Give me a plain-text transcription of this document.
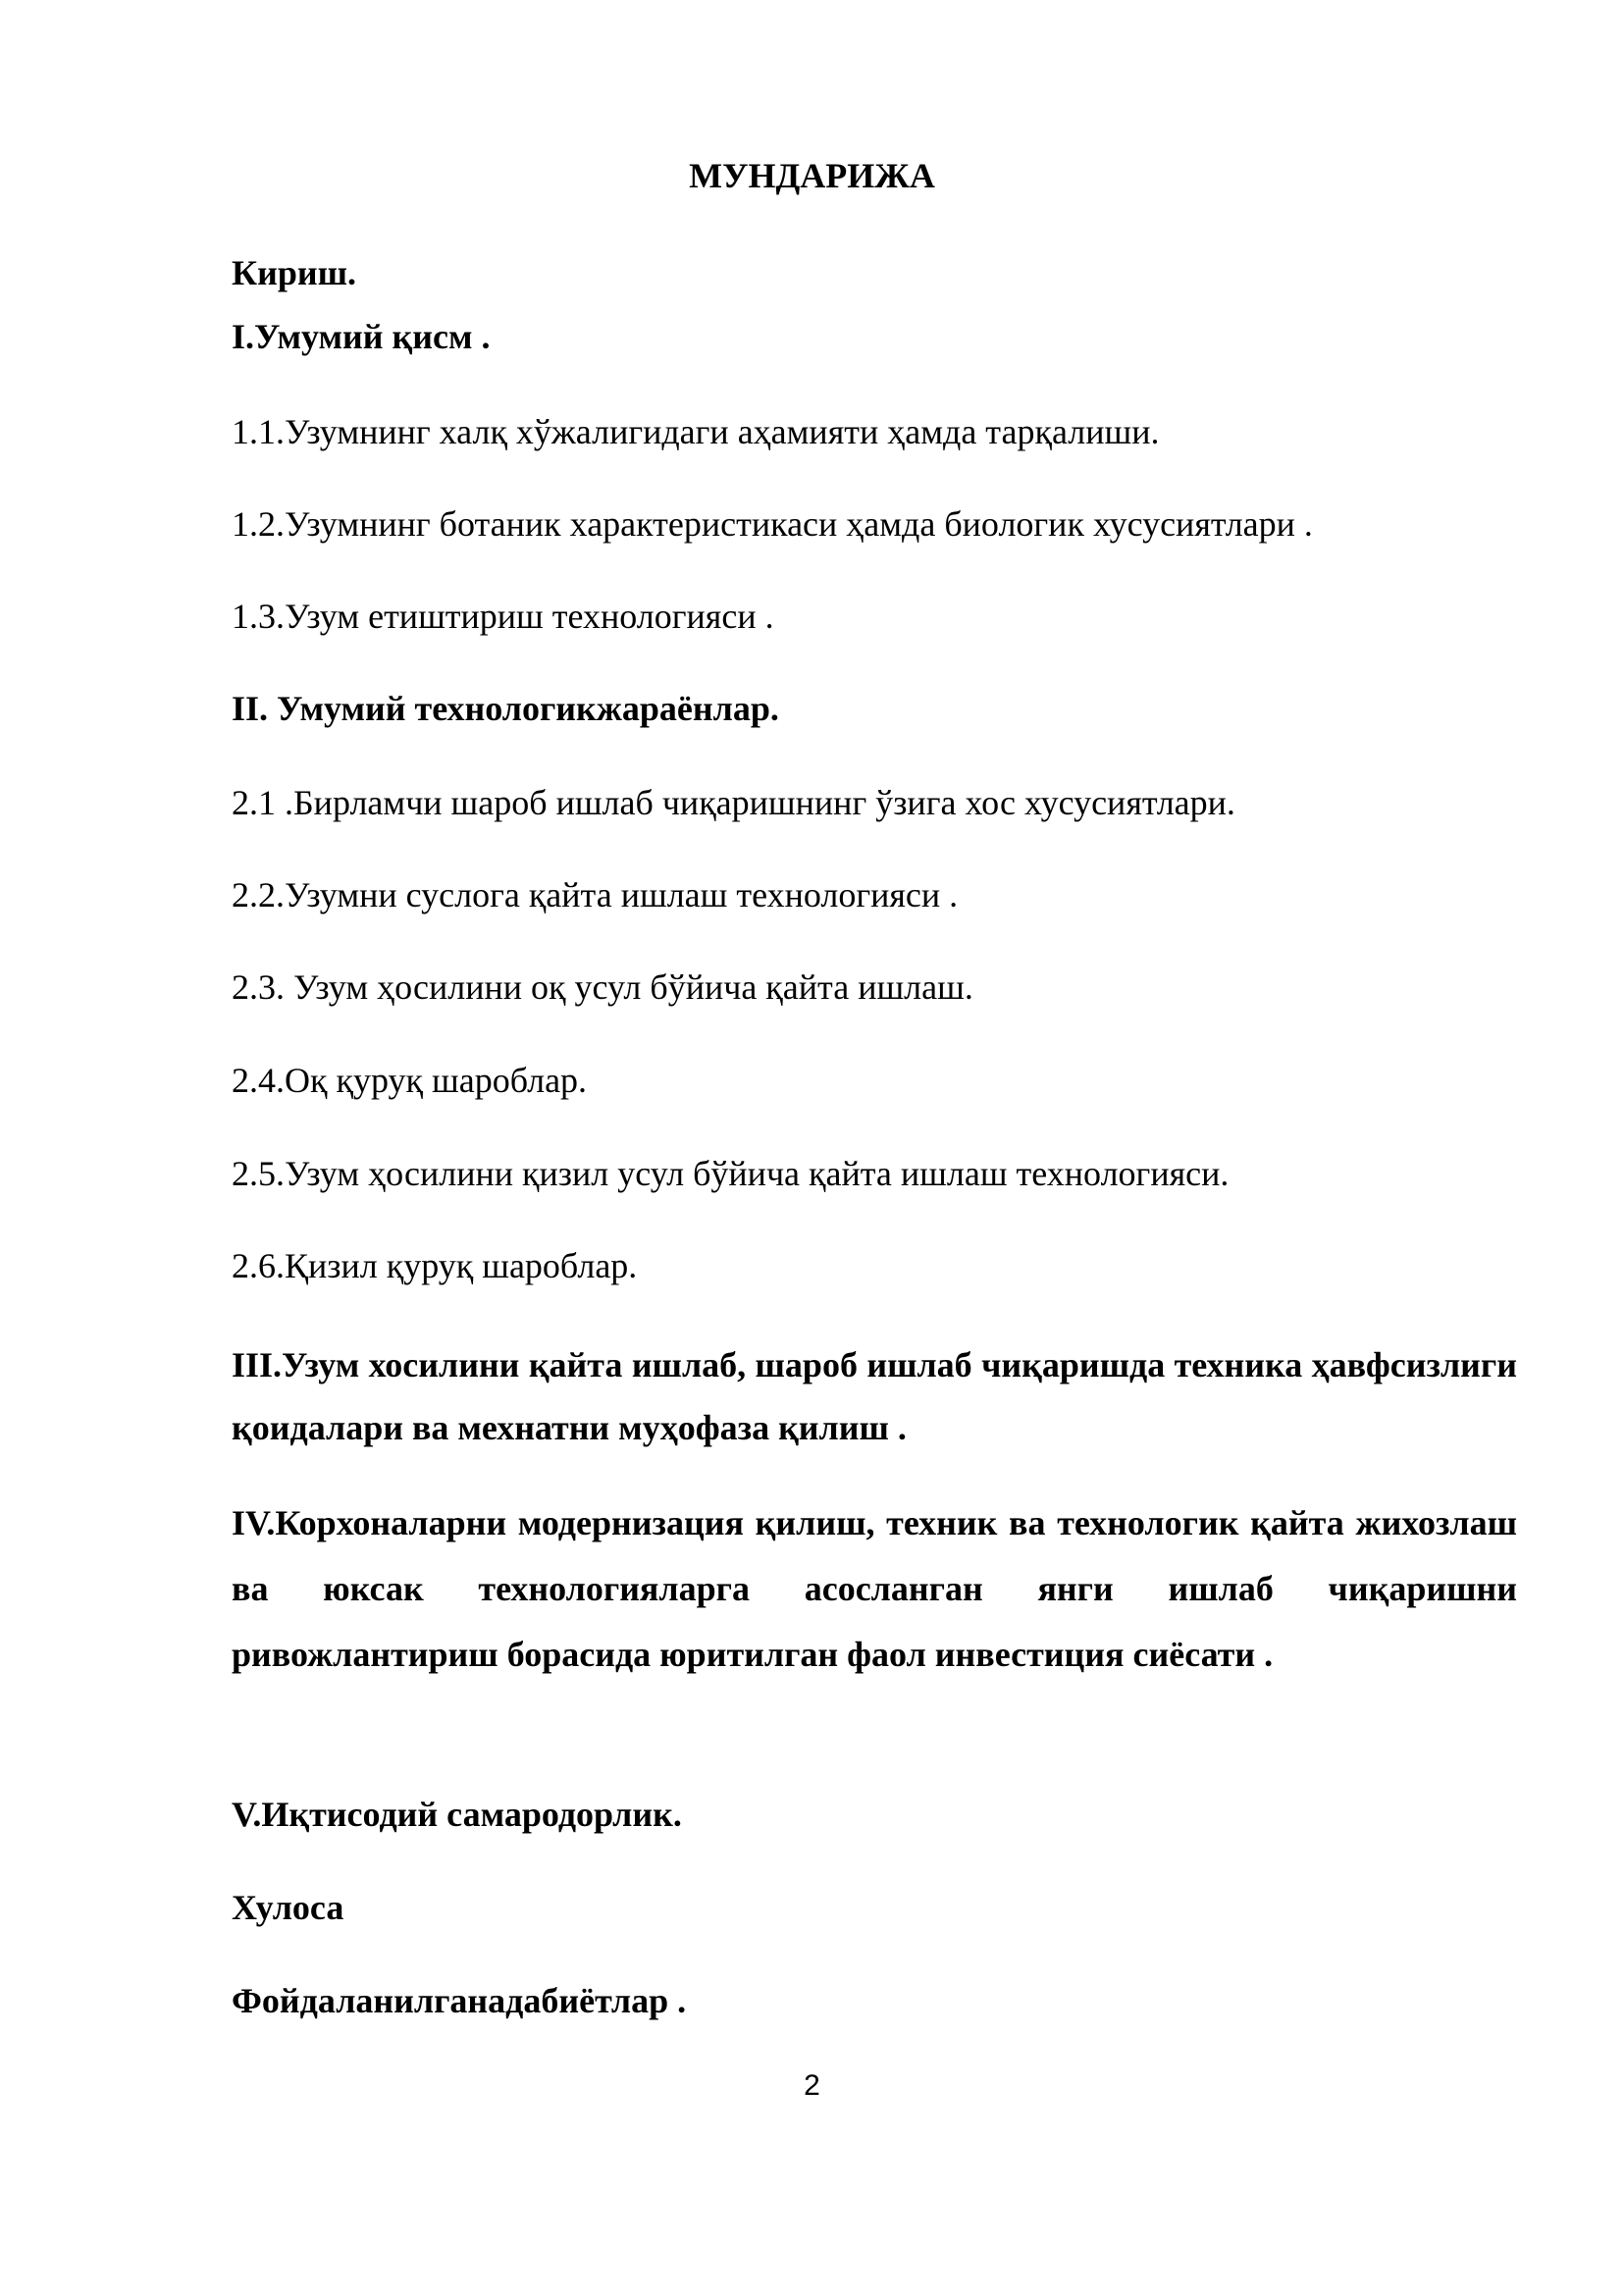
МУНДАРИЖА
Кириш.
I.Умумий қисм .
1.1.Узумнинг халқ хўжалигидаги аҳамияти ҳамда тарқалиши.
1.2.Узумнинг ботаник характеристикаси ҳамда биологик хусусиятлари .
1.3.Узум етиштириш технологияси .
II. Умумий технологикжараёнлар.
2.1 .Бирламчи шароб ишлаб чиқаришнинг ўзига хос хусусиятлари.
2.2.Узумни суслога қайта ишлаш технологияси .
2.3. Узум ҳосилини оқ усул бўйича қайта ишлаш.
2.4.Оқ қуруқ шароблар.
2.5.Узум ҳосилини қизил усул бўйича қайта ишлаш технологияси.
2.6.Қизил қуруқ шароблар.
III.Узум хосилини қайта ишлаб, шароб ишлаб чиқаришда техника ҳавфсизлиги қоидалари ва мехнатни муҳофаза қилиш .
IV.Корхоналарни модернизация қилиш, техник ва технологик қайта жихозлаш ва юксак технологияларга асосланган янги ишлаб чиқаришни ривожлантириш борасида юритилган фаол инвестиция сиёсати .
V.Иқтисодий самародорлик.
Хулоса
Фойдаланилганадабиётлар .
2
